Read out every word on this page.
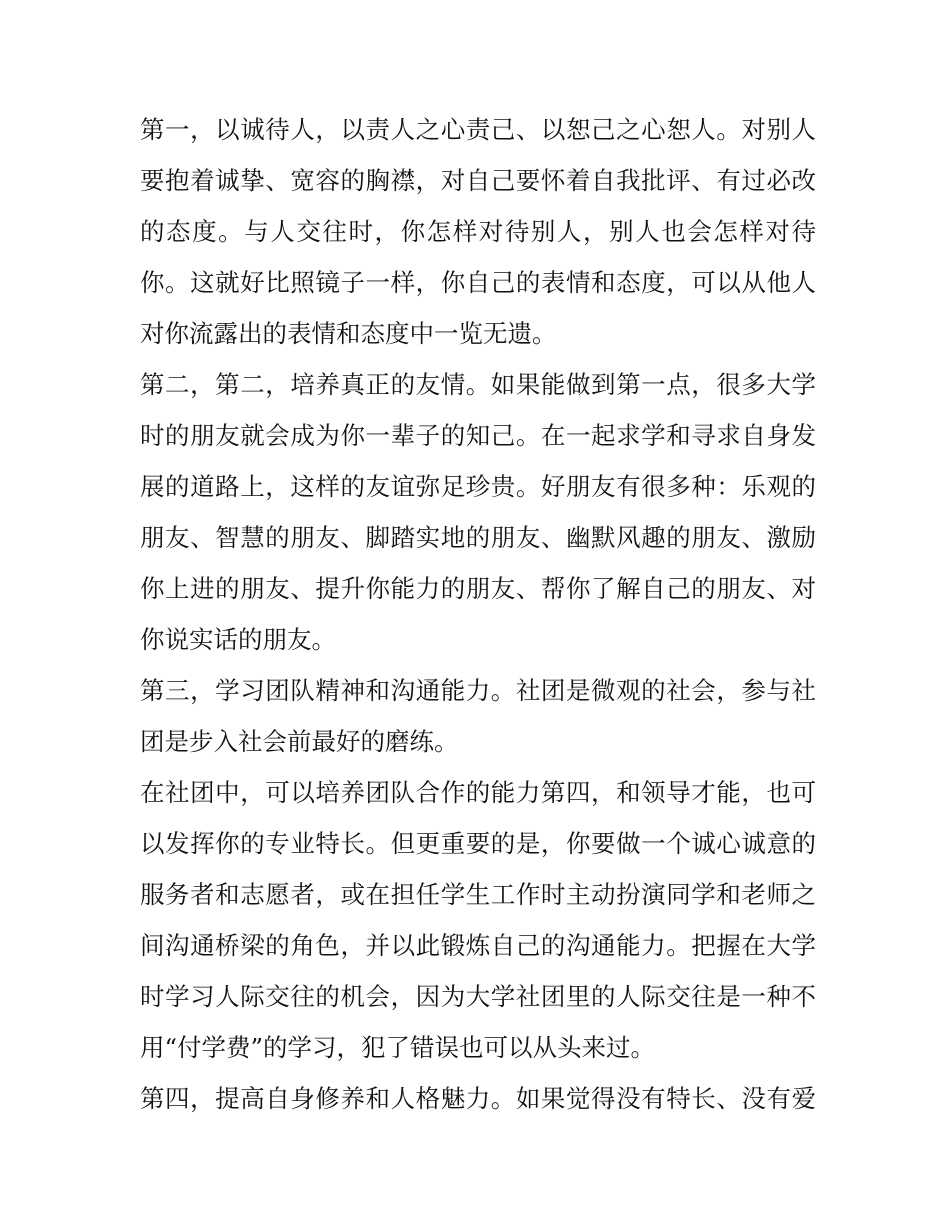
第一，以诚待人，以责人之心责己、以恕己之心恕人。对别人
要抱着诚挚、宽容的胸襟，对自己要怀着自我批评、有过必改
的态度。与人交往时，你怎样对待别人，别人也会怎样对待
你。这就好比照镜子一样，你自己的表情和态度，可以从他人
对你流露出的表情和态度中一览无遗。
第二，第二，培养真正的友情。如果能做到第一点，很多大学
时的朋友就会成为你一辈子的知己。在一起求学和寻求自身发
展的道路上，这样的友谊弥足珍贵。好朋友有很多种：乐观的
朋友、智慧的朋友、脚踏实地的朋友、幽默风趣的朋友、激励
你上进的朋友、提升你能力的朋友、帮你了解自己的朋友、对
你说实话的朋友。
第三，学习团队精神和沟通能力。社团是微观的社会，参与社
团是步入社会前最好的磨练。
在社团中，可以培养团队合作的能力第四，和领导才能，也可
以发挥你的专业特长。但更重要的是，你要做一个诚心诚意的
服务者和志愿者，或在担任学生工作时主动扮演同学和老师之
间沟通桥梁的角色，并以此锻炼自己的沟通能力。把握在大学
时学习人际交往的机会，因为大学社团里的人际交往是一种不
用“付学费”的学习，犯了错误也可以从头来过。
第四，提高自身修养和人格魅力。如果觉得没有特长、没有爱
